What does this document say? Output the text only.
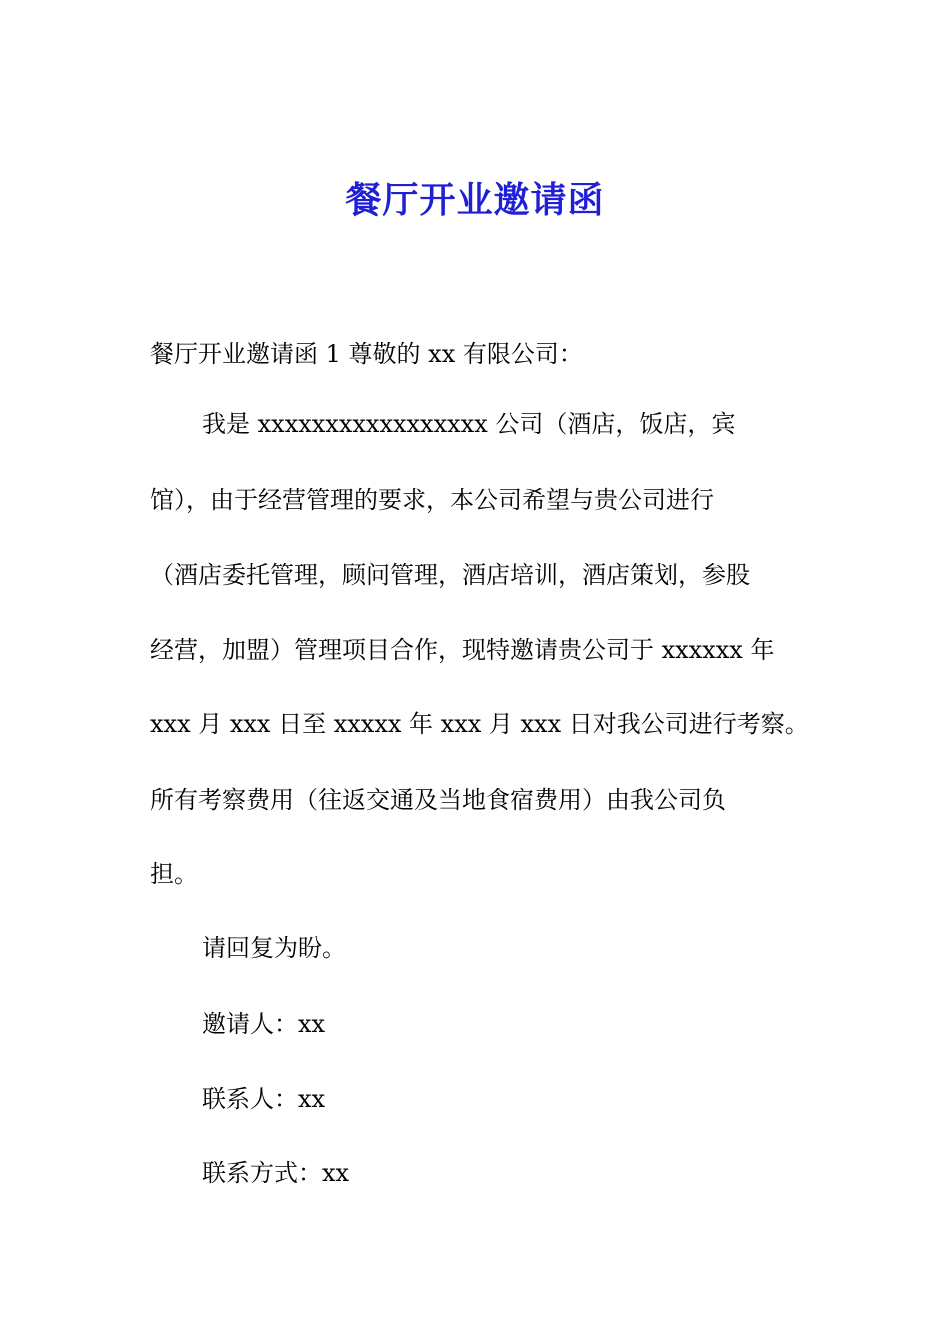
餐厅开业邀请函
餐厅开业邀请函 1 尊敬的 xx 有限公司：
我是 xxxxxxxxxxxxxxxxx 公司（酒店，饭店，宾
馆），由于经营管理的要求，本公司希望与贵公司进行
（酒店委托管理，顾问管理，酒店培训，酒店策划，参股
经营，加盟）管理项目合作，现特邀请贵公司于 xxxxxx 年
xxx 月 xxx 日至 xxxxx 年 xxx 月 xxx 日对我公司进行考察。
所有考察费用（往返交通及当地食宿费用）由我公司负
担。
请回复为盼。
邀请人：xx
联系人：xx
联系方式：xx
